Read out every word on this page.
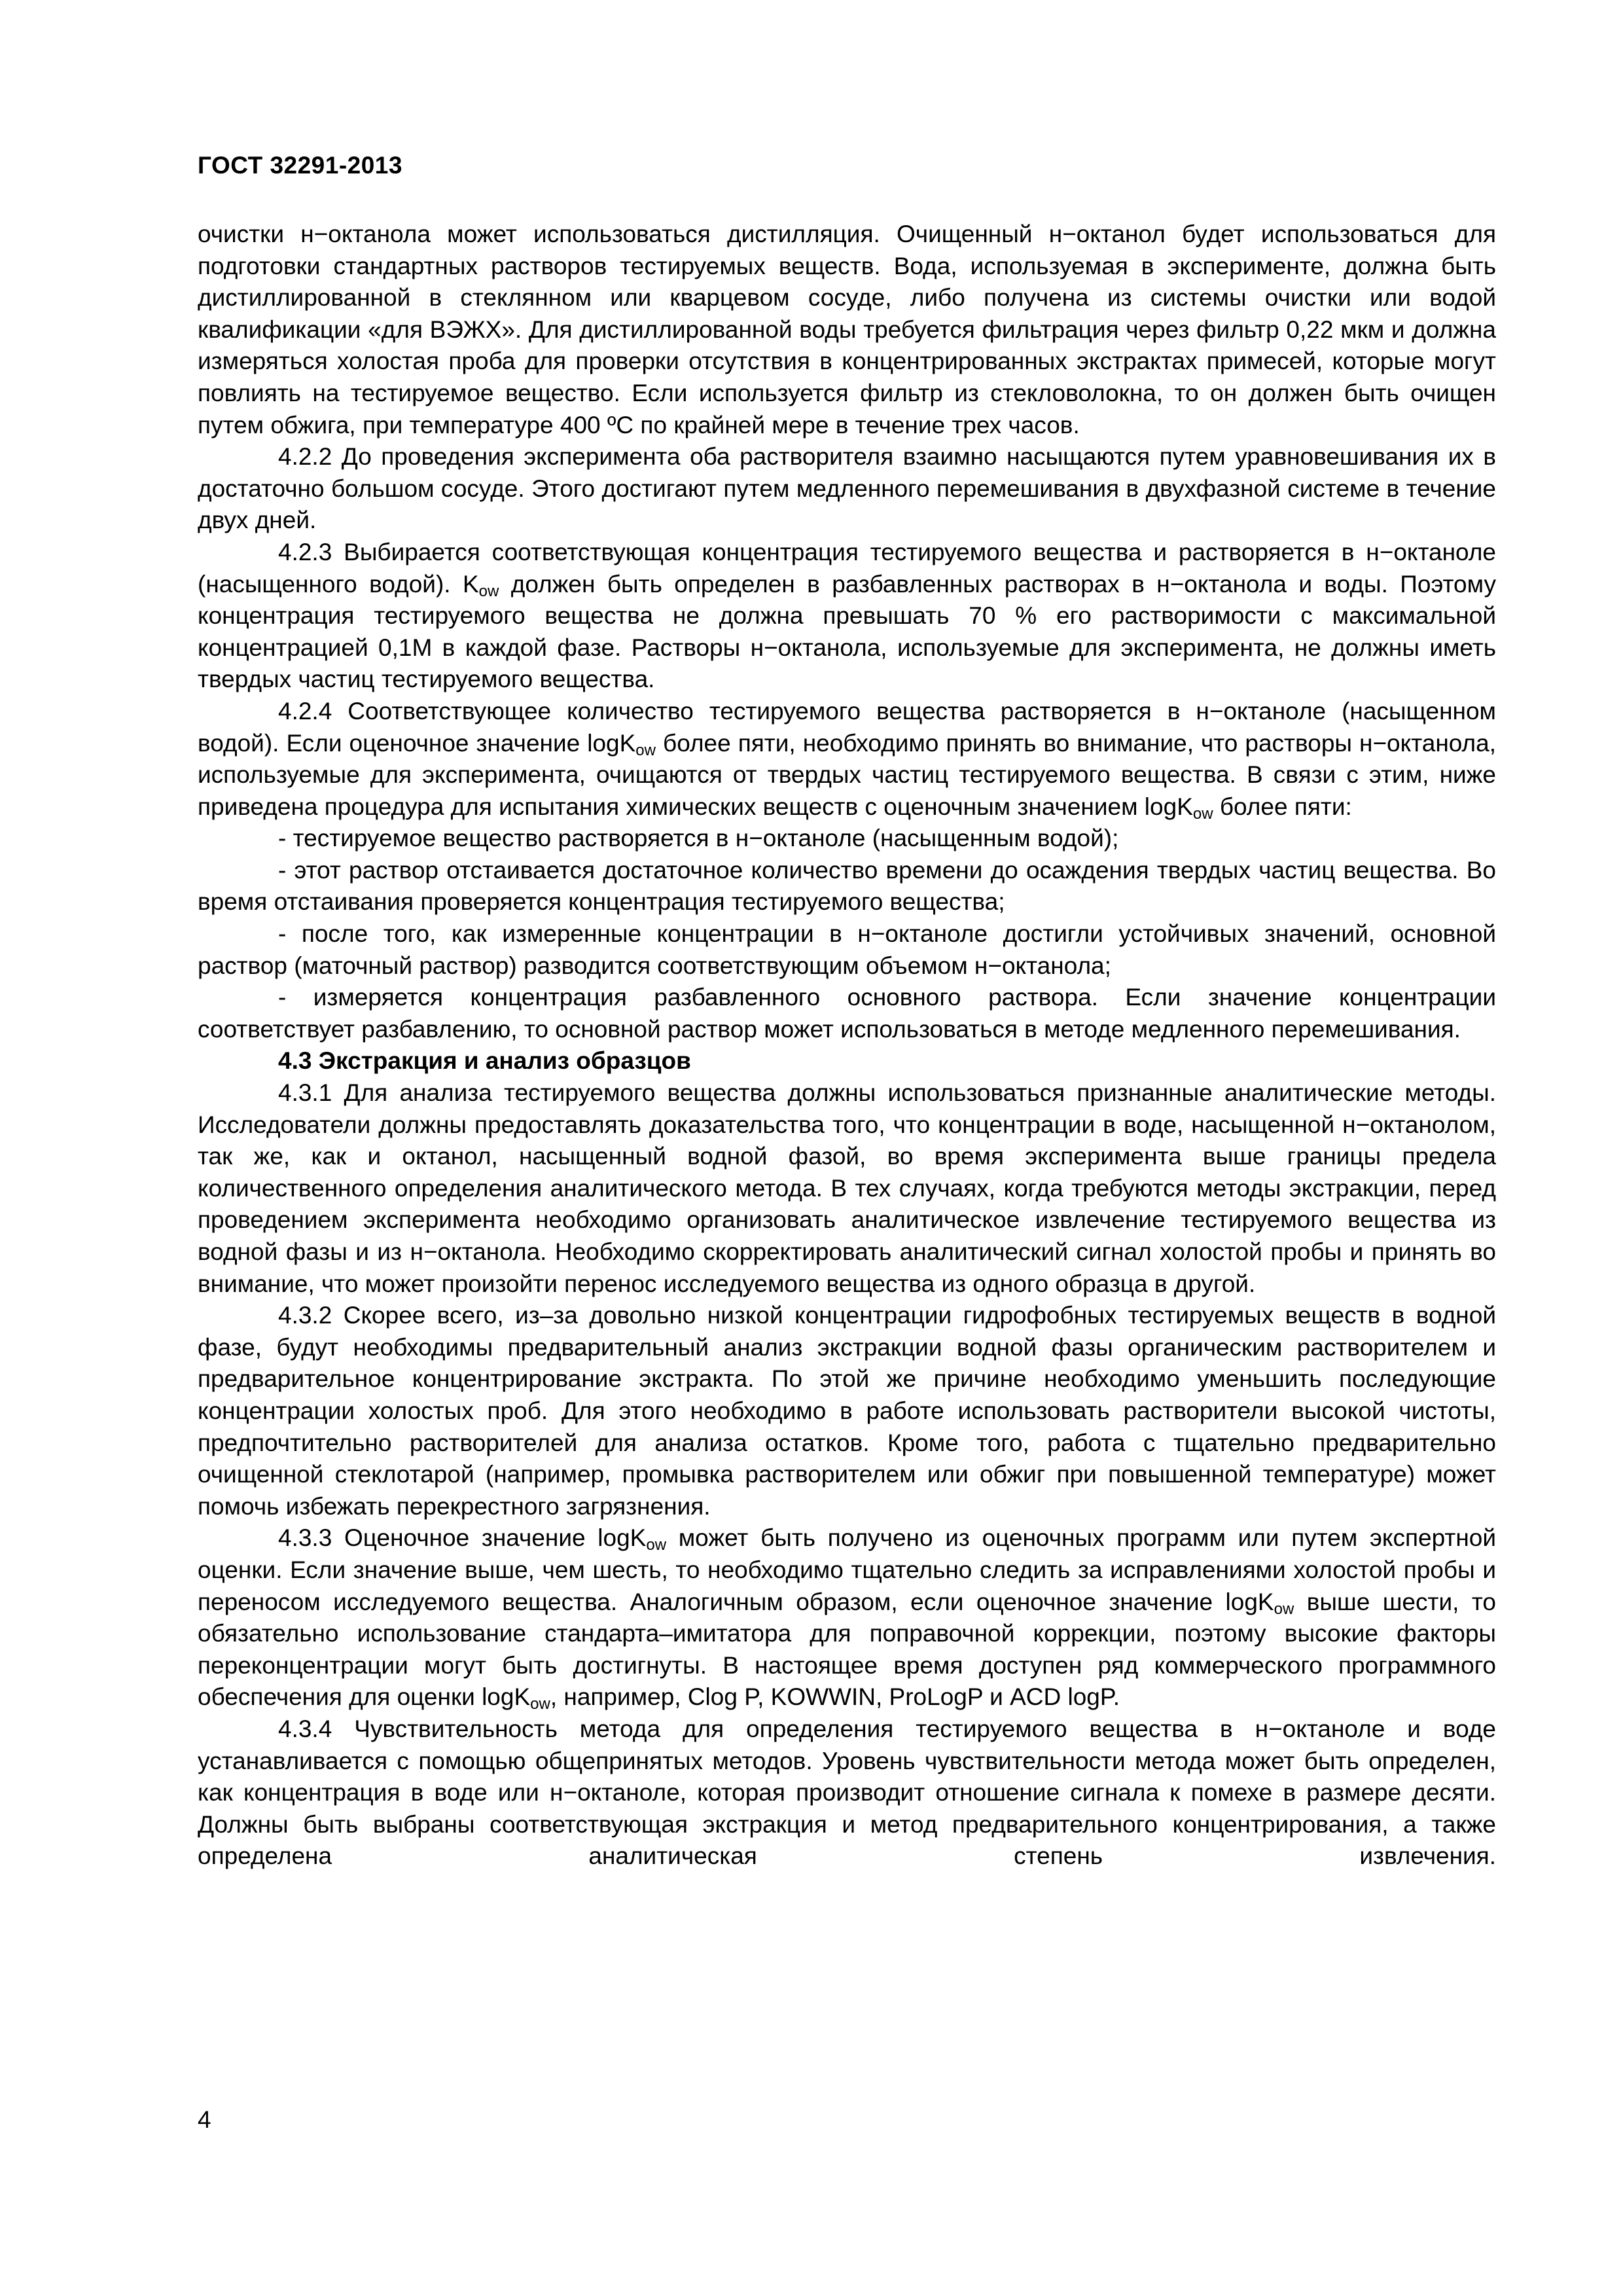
ГОСТ 32291-2013

очистки н−октанола может использоваться дистилляция. Очищенный н−октанол будет использоваться для подготовки стандартных растворов тестируемых веществ. Вода, используемая в эксперименте, должна быть дистиллированной в стеклянном или кварцевом сосуде, либо получена из системы очистки или водой квалификации «для ВЭЖХ». Для дистиллированной воды требуется фильтрация через фильтр 0,22 мкм и должна измеряться холостая проба для проверки отсутствия в концентрированных экстрактах примесей, которые могут повлиять на тестируемое вещество. Если используется фильтр из стекловолокна, то он должен быть очищен путем обжига, при температуре 400 ºС по крайней мере в течение трех часов.

4.2.2 До проведения эксперимента оба растворителя взаимно насыщаются путем уравновешивания их в достаточно большом сосуде. Этого достигают путем медленного перемешивания в двухфазной системе в течение двух дней.

4.2.3 Выбирается соответствующая концентрация тестируемого вещества и растворяется в н−октаноле (насыщенного водой). $K_{ow}$ должен быть определен в разбавленных растворах в н−октанола и воды. Поэтому концентрация тестируемого вещества не должна превышать 70 % его растворимости с максимальной концентрацией 0,1М в каждой фазе. Растворы н−октанола, используемые для эксперимента, не должны иметь твердых частиц тестируемого вещества.

4.2.4 Соответствующее количество тестируемого вещества растворяется в н−октаноле (насыщенном водой). Если оценочное значение logK$_{ow}$ более пяти, необходимо принять во внимание, что растворы н−октанола, используемые для эксперимента, очищаются от твердых частиц тестируемого вещества. В связи с этим, ниже приведена процедура для испытания химических веществ с оценочным значением logK$_{ow}$ более пяти:

- тестируемое вещество растворяется в н−октаноле (насыщенным водой);

- этот раствор отстаивается достаточное количество времени до осаждения твердых частиц вещества. Во время отстаивания проверяется концентрация тестируемого вещества;

- после того, как измеренные концентрации в н−октаноле достигли устойчивых значений, основной раствор (маточный раствор) разводится соответствующим объемом н−октанола;

- измеряется концентрация разбавленного основного раствора. Если значение концентрации соответствует разбавлению, то основной раствор может использоваться в методе медленного перемешивания.

4.3 Экстракция и анализ образцов

4.3.1 Для анализа тестируемого вещества должны использоваться признанные аналитические методы. Исследователи должны предоставлять доказательства того, что концентрации в воде, насыщенной н−октанолом, так же, как и октанол, насыщенный водной фазой, во время эксперимента выше границы предела количественного определения аналитического метода. В тех случаях, когда требуются методы экстракции, перед проведением эксперимента необходимо организовать аналитическое извлечение тестируемого вещества из водной фазы и из н−октанола. Необходимо скорректировать аналитический сигнал холостой пробы и принять во внимание, что может произойти перенос исследуемого вещества из одного образца в другой.

4.3.2 Скорее всего, из–за довольно низкой концентрации гидрофобных тестируемых веществ в водной фазе, будут необходимы предварительный анализ экстракции водной фазы органическим растворителем и предварительное концентрирование экстракта. По этой же причине необходимо уменьшить последующие концентрации холостых проб. Для этого необходимо в работе использовать растворители высокой чистоты, предпочтительно растворителей для анализа остатков. Кроме того, работа с тщательно предварительно очищенной стеклотарой (например, промывка растворителем или обжиг при повышенной температуре) может помочь избежать перекрестного загрязнения.

4.3.3 Оценочное значение logK$_{ow}$ может быть получено из оценочных программ или путем экспертной оценки. Если значение выше, чем шесть, то необходимо тщательно следить за исправлениями холостой пробы и переносом исследуемого вещества. Аналогичным образом, если оценочное значение logK$_{ow}$ выше шести, то обязательно использование стандарта–имитатора для поправочной коррекции, поэтому высокие факторы переконцентрации могут быть достигнуты. В настоящее время доступен ряд коммерческого программного обеспечения для оценки logK$_{ow}$, например, Clog P, KOWWIN, ProLogP и ACD logP.

4.3.4 Чувствительность метода для определения тестируемого вещества в н−октаноле и воде устанавливается с помощью общепринятых методов. Уровень чувствительности метода может быть определен, как концентрация в воде или н−октаноле, которая производит отношение сигнала к помехе в размере десяти. Должны быть выбраны соответствующая экстракция и метод предварительного концентрирования, а также определена аналитическая степень извлечения.

4
